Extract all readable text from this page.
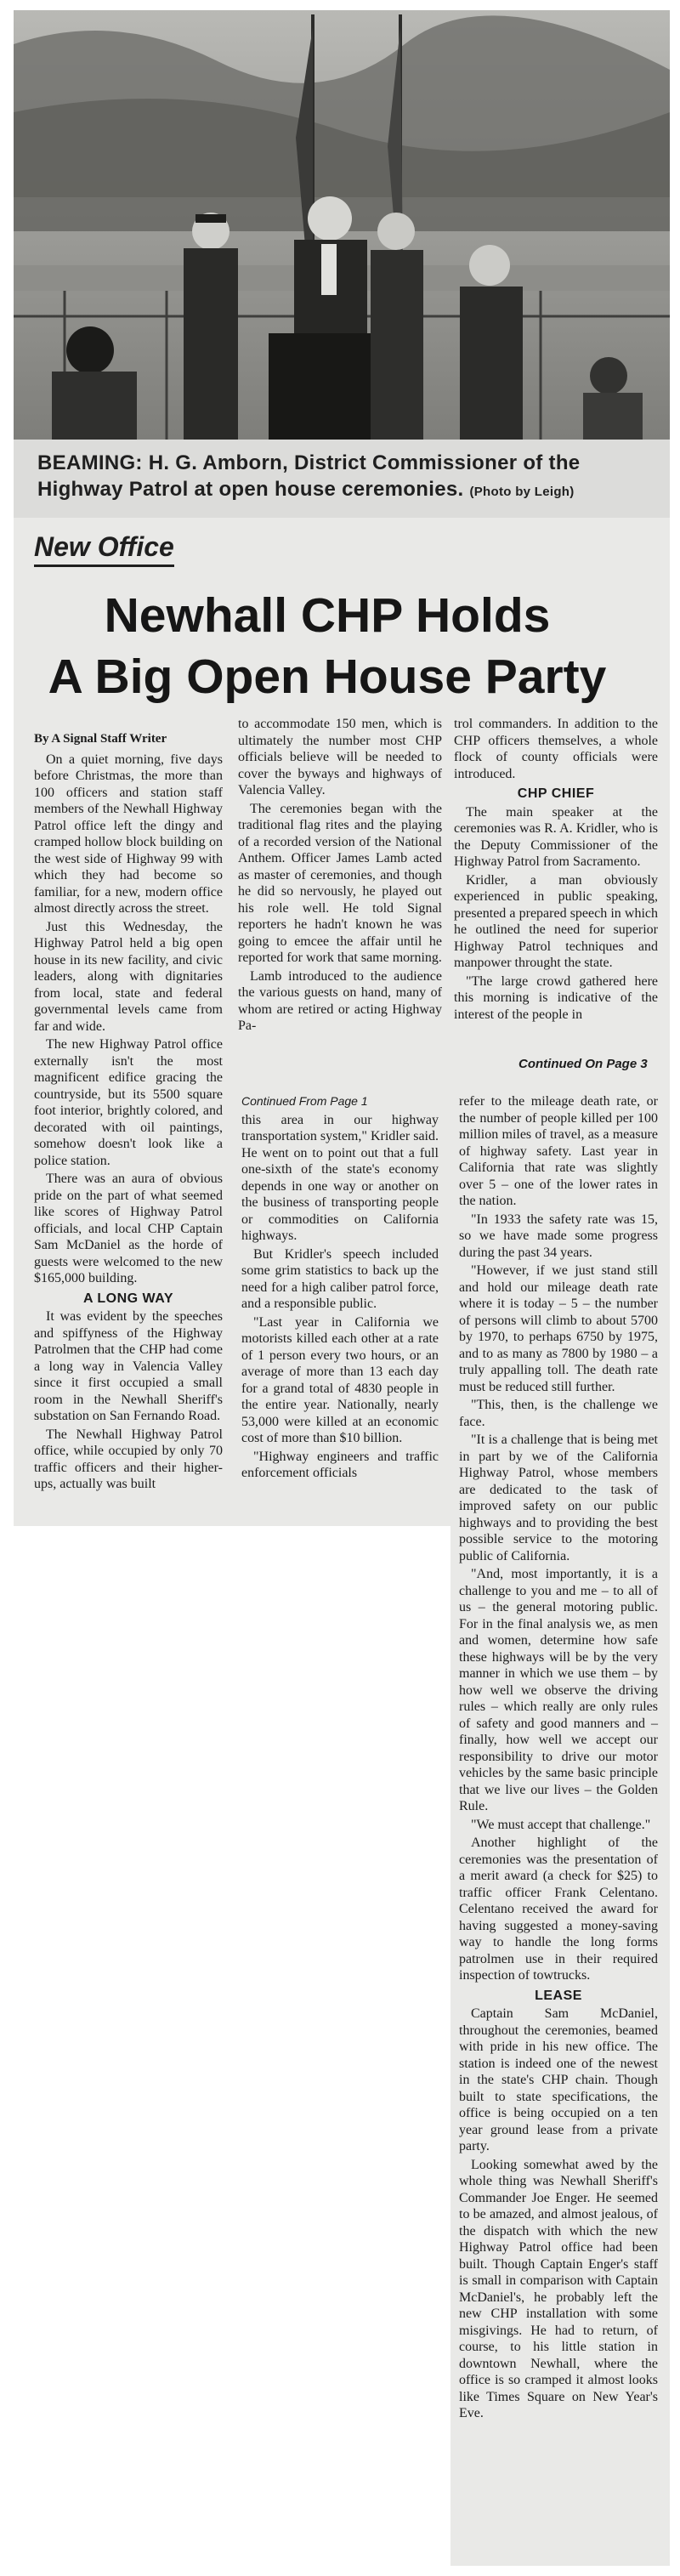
BEAMING: H. G. Amborn, District Commissioner of the Highway Patrol at open house ceremonies. (Photo by Leigh)
New Office
Newhall CHP Holds
A Big Open House Party

By A Signal Staff Writer

On a quiet morning, five days before Christmas, the more than 100 officers and station staff members of the Newhall Highway Patrol office left the dingy and cramped hollow block building on the west side of Highway 99 with which they had become so familiar, for a new, modern office almost directly across the street.

Just this Wednesday, the Highway Patrol held a big open house in its new facility, and civic leaders, along with dignitaries from local, state and federal governmental levels came from far and wide.

The new Highway Patrol office externally isn't the most magnificent edifice gracing the countryside, but its 5500 square foot interior, brightly colored, and decorated with oil paintings, somehow doesn't look like a police station.

There was an aura of obvious pride on the part of what seemed like scores of Highway Patrol officials, and local CHP Captain Sam McDaniel as the horde of guests were welcomed to the new $165,000 building.

A LONG WAY

It was evident by the speeches and spiffyness of the Highway Patrolmen that the CHP had come a long way in Valencia Valley since it first occupied a small room in the Newhall Sheriff's substation on San Fernando Road.

The Newhall Highway Patrol office, while occupied by only 70 traffic officers and their higher-ups, actually was built

to accommodate 150 men, which is ultimately the number most CHP officials believe will be needed to cover the byways and highways of Valencia Valley.

The ceremonies began with the traditional flag rites and the playing of a recorded version of the National Anthem. Officer James Lamb acted as master of ceremonies, and though he did so nervously, he played out his role well. He told Signal reporters he hadn't known he was going to emcee the affair until he reported for work that same morning.

Lamb introduced to the audience the various guests on hand, many of whom are retired or acting Highway Pa-

trol commanders. In addition to the CHP officers themselves, a whole flock of county officials were introduced.

CHP CHIEF

The main speaker at the ceremonies was R. A. Kridler, who is the Deputy Commissioner of the Highway Patrol from Sacramento.

Kridler, a man obviously experienced in public speaking, presented a prepared speech in which he outlined the need for superior Highway Patrol techniques and manpower throught the state.

"The large crowd gathered here this morning is indicative of the interest of the people in

Continued On Page 3

Continued From Page 1

this area in our highway transportation system," Kridler said. He went on to point out that a full one-sixth of the state's economy depends in one way or another on the business of transporting people or commodities on California highways.

But Kridler's speech included some grim statistics to back up the need for a high caliber patrol force, and a responsible public.

"Last year in California we motorists killed each other at a rate of 1 person every two hours, or an average of more than 13 each day for a grand total of 4830 people in the entire year. Nationally, nearly 53,000 were killed at an economic cost of more than $10 billion.

"Highway engineers and traffic enforcement officials

refer to the mileage death rate, or the number of people killed per 100 million miles of travel, as a measure of highway safety. Last year in California that rate was slightly over 5 – one of the lower rates in the nation.

"In 1933 the safety rate was 15, so we have made some progress during the past 34 years.

"However, if we just stand still and hold our mileage death rate where it is today – 5 – the number of persons will climb to about 5700 by 1970, to perhaps 6750 by 1975, and to as many as 7800 by 1980 – a truly appalling toll. The death rate must be reduced still further.

"This, then, is the challenge we face.

"It is a challenge that is being met in part by we of the California Highway Patrol, whose members are dedicated to the task of improved safety on our public highways and to providing the best possible service to the motoring public of California.

"And, most importantly, it is a challenge to you and me – to all of us – the general motoring public. For in the final analysis we, as men and women, determine how safe these highways will be by the very manner in which we use them – by how well we observe the driving rules – which really are only rules of safety and good manners and – finally, how well we accept our responsibility to drive our motor vehicles by the same basic principle that we live our lives – the Golden Rule.

"We must accept that challenge."

Another highlight of the ceremonies was the presentation of a merit award (a check for $25) to traffic officer Frank Celentano. Celentano received the award for having suggested a money-saving way to handle the long forms patrolmen use in their required inspection of towtrucks.

LEASE

Captain Sam McDaniel, throughout the ceremonies, beamed with pride in his new office. The station is indeed one of the newest in the state's CHP chain. Though built to state specifications, the office is being occupied on a ten year ground lease from a private party.

Looking somewhat awed by the whole thing was Newhall Sheriff's Commander Joe Enger. He seemed to be amazed, and almost jealous, of the dispatch with which the new Highway Patrol office had been built. Though Captain Enger's staff is small in comparison with Captain McDaniel's, he probably left the new CHP installation with some misgivings. He had to return, of course, to his little station in downtown Newhall, where the office is so cramped it almost looks like Times Square on New Year's Eve.
